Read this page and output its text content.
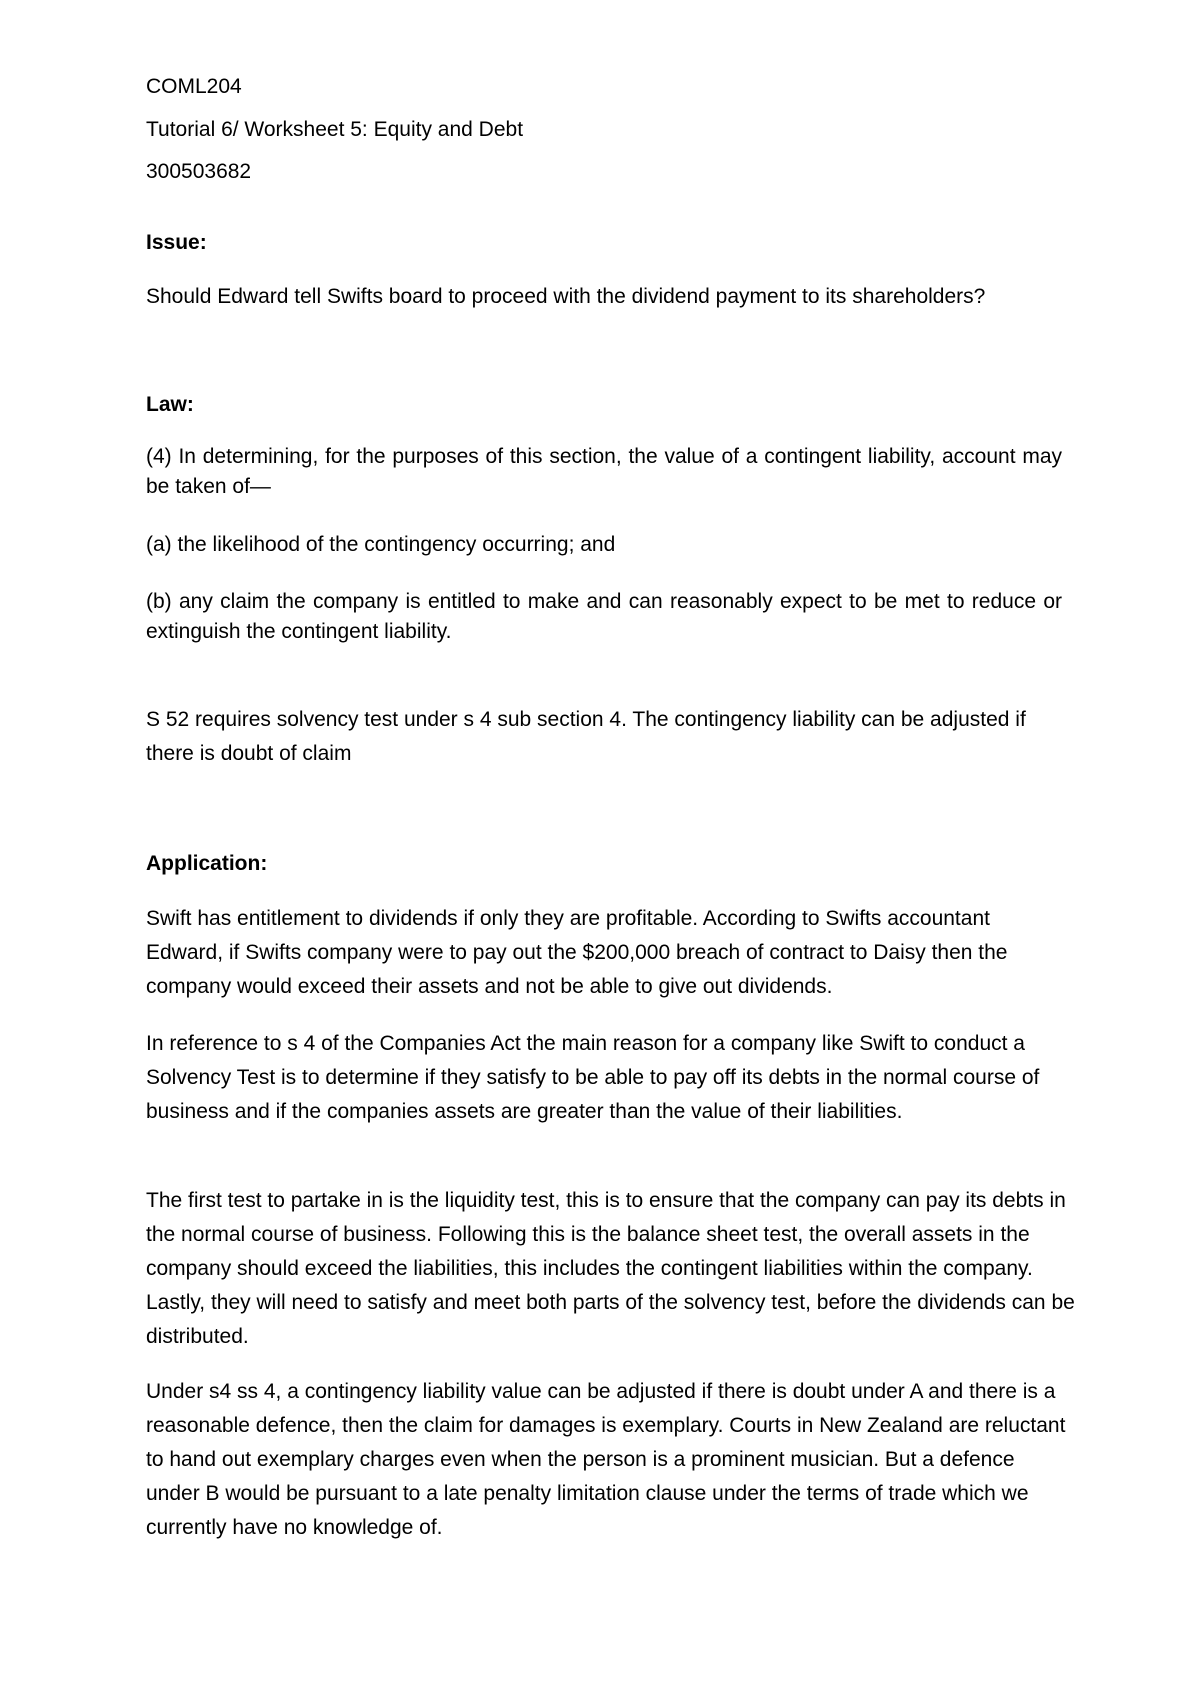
COML204

Tutorial 6/ Worksheet 5: Equity and Debt

300503682

Issue:

Should Edward tell Swifts board to proceed with the dividend payment to its shareholders?

Law:

(4) In determining, for the purposes of this section, the value of a contingent liability, account may be taken of—

(a) the likelihood of the contingency occurring; and

(b) any claim the company is entitled to make and can reasonably expect to be met to reduce or extinguish the contingent liability.

S 52 requires solvency test under s 4 sub section 4. The contingency liability can be adjusted if there is doubt of claim

Application:

Swift has entitlement to dividends if only they are profitable. According to Swifts accountant Edward, if Swifts company were to pay out the $200,000 breach of contract to Daisy then the company would exceed their assets and not be able to give out dividends.

In reference to s 4 of the Companies Act the main reason for a company like Swift to conduct a Solvency Test is to determine if they satisfy to be able to pay off its debts in the normal course of business and if the companies assets are greater than the value of their liabilities.

The first test to partake in is the liquidity test, this is to ensure that the company can pay its debts in the normal course of business. Following this is the balance sheet test, the overall assets in the company should exceed the liabilities, this includes the contingent liabilities within the company. Lastly, they will need to satisfy and meet both parts of the solvency test, before the dividends can be distributed.

Under s4 ss 4, a contingency liability value can be adjusted if there is doubt under A and there is a reasonable defence, then the claim for damages is exemplary. Courts in New Zealand are reluctant to hand out exemplary charges even when the person is a prominent musician. But a defence under B would be pursuant to a late penalty limitation clause under the terms of trade which we currently have no knowledge of.
